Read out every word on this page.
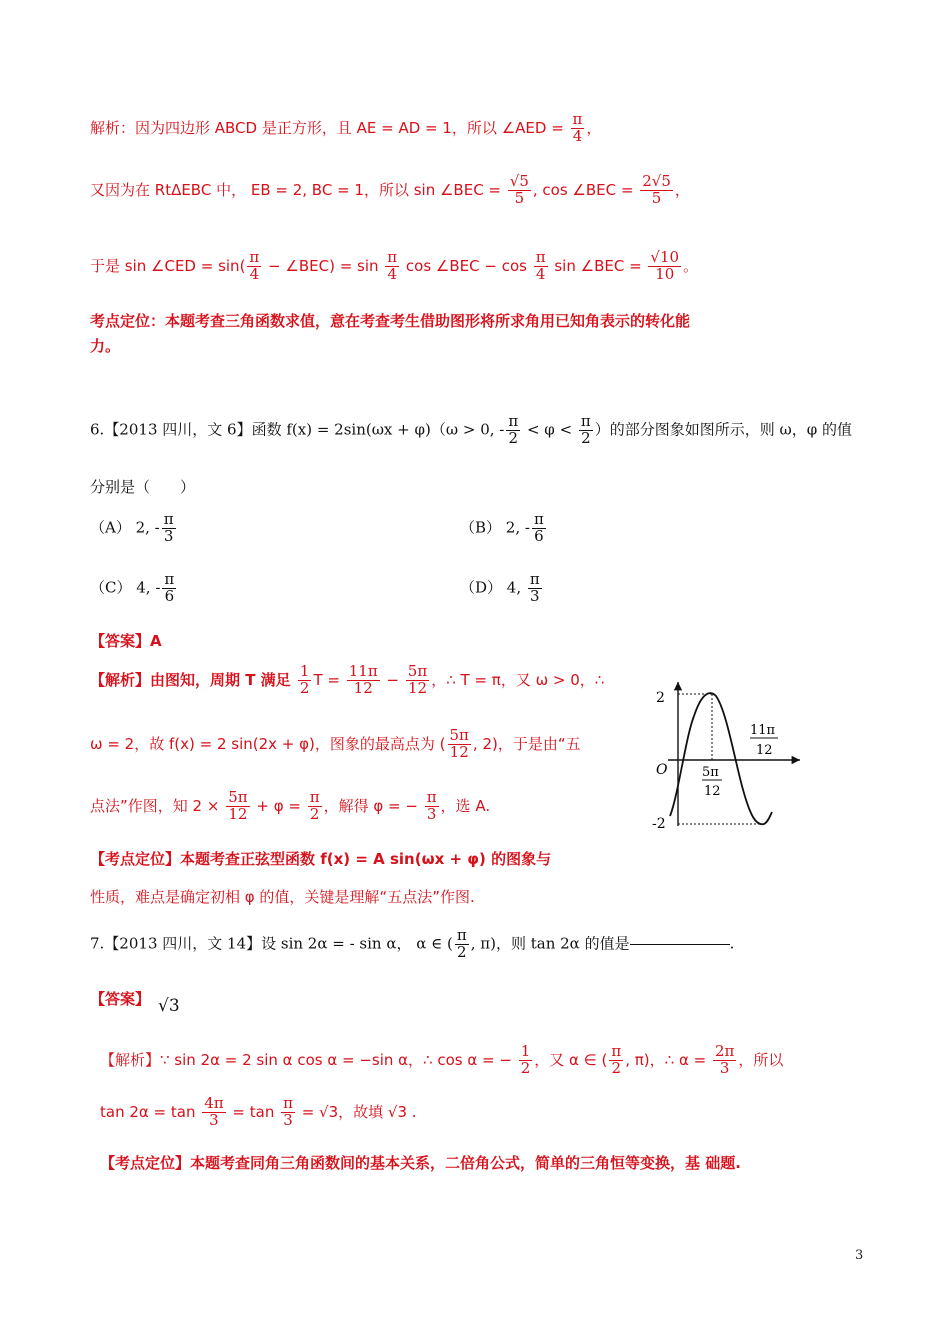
解析：因为四边形 ABCD 是正方形，且 AE = AD = 1，所以 ∠AED = $\frac{\pi}{4}$ ，
又因为在 RtΔEBC 中， EB = 2, BC = 1，所以 sin ∠BEC = $\frac{√5}{5}$ , cos ∠BEC = $\frac{2√5}{5}$ ，
于是 sin ∠CED = $\sin( \frac{\pi}{4}$ − ∠BEC) = $\sin \frac{\pi}{4}$ cos ∠BEC − $\cos \frac{\pi}{4}$ sin ∠BEC = $\frac{√10}{10}$ 。
考点定位：本题考查三角函数求值，意在考查考生借助图形将所求角用已知角表示的转化能
力。
6.【2013 四川，文 6】函数 f(x) = 2sin(ωx + φ)（ω > 0, - $\frac{\pi}{2} < \varphi < \frac{\pi}{2}$ ）的部分图象如图所示，则 ω，φ 的值
分别是（　　）
（A） 2, - $\frac{\pi}{3}$	（B） 2, - $\frac{\pi}{6}$
（C） 4, - $\frac{\pi}{6}$	（D） 4, $\frac{\pi}{3}$
【答案】A
【解析】由图知，周期 T 满足 $\frac{1}{2}$ $T = \frac{11\pi}{12} - \frac{5\pi}{12}$ ，∴ T = π，又 ω > 0，∴
ω = 2，故 f(x) = 2 sin(2x + φ)，图象的最高点为 ( $\frac{5\pi}{12}$ , 2)，于是由“五
点法”作图，知 $2 \times \frac{5\pi}{12} + \varphi = \frac{\pi}{2}$ ，解得 φ = − $\frac{\pi}{3}$ ，选 A.
【考点定位】本题考查正弦型函数 f(x) = A sin(ωx + φ) 的图象与
性质，难点是确定初相 φ 的值，关键是理解“五点法”作图.
2
-2
O	5π
12
11π
12
7.【2013 四川，文 14】设 sin 2α = - sin α， α ∈ ( $\frac{\pi}{2}$ , π)，则 tan 2α 的值是	.
【答案】 √3
【解析】∵ sin 2α = 2 sin α cos α = −sin α，∴ cos α = − $\frac{1}{2}$ ，又 α ∈ ( $\frac{\pi}{2}$ , π)，∴ $\alpha = \frac{2\pi}{3}$ ，所以
$\tan 2\alpha = \tan \frac{4\pi}{3} = \tan \frac{\pi}{3} = √3$，故填 √3 .
【考点定位】本题考查同角三角函数间的基本关系，二倍角公式，简单的三角恒等变换，基 础题.
3
